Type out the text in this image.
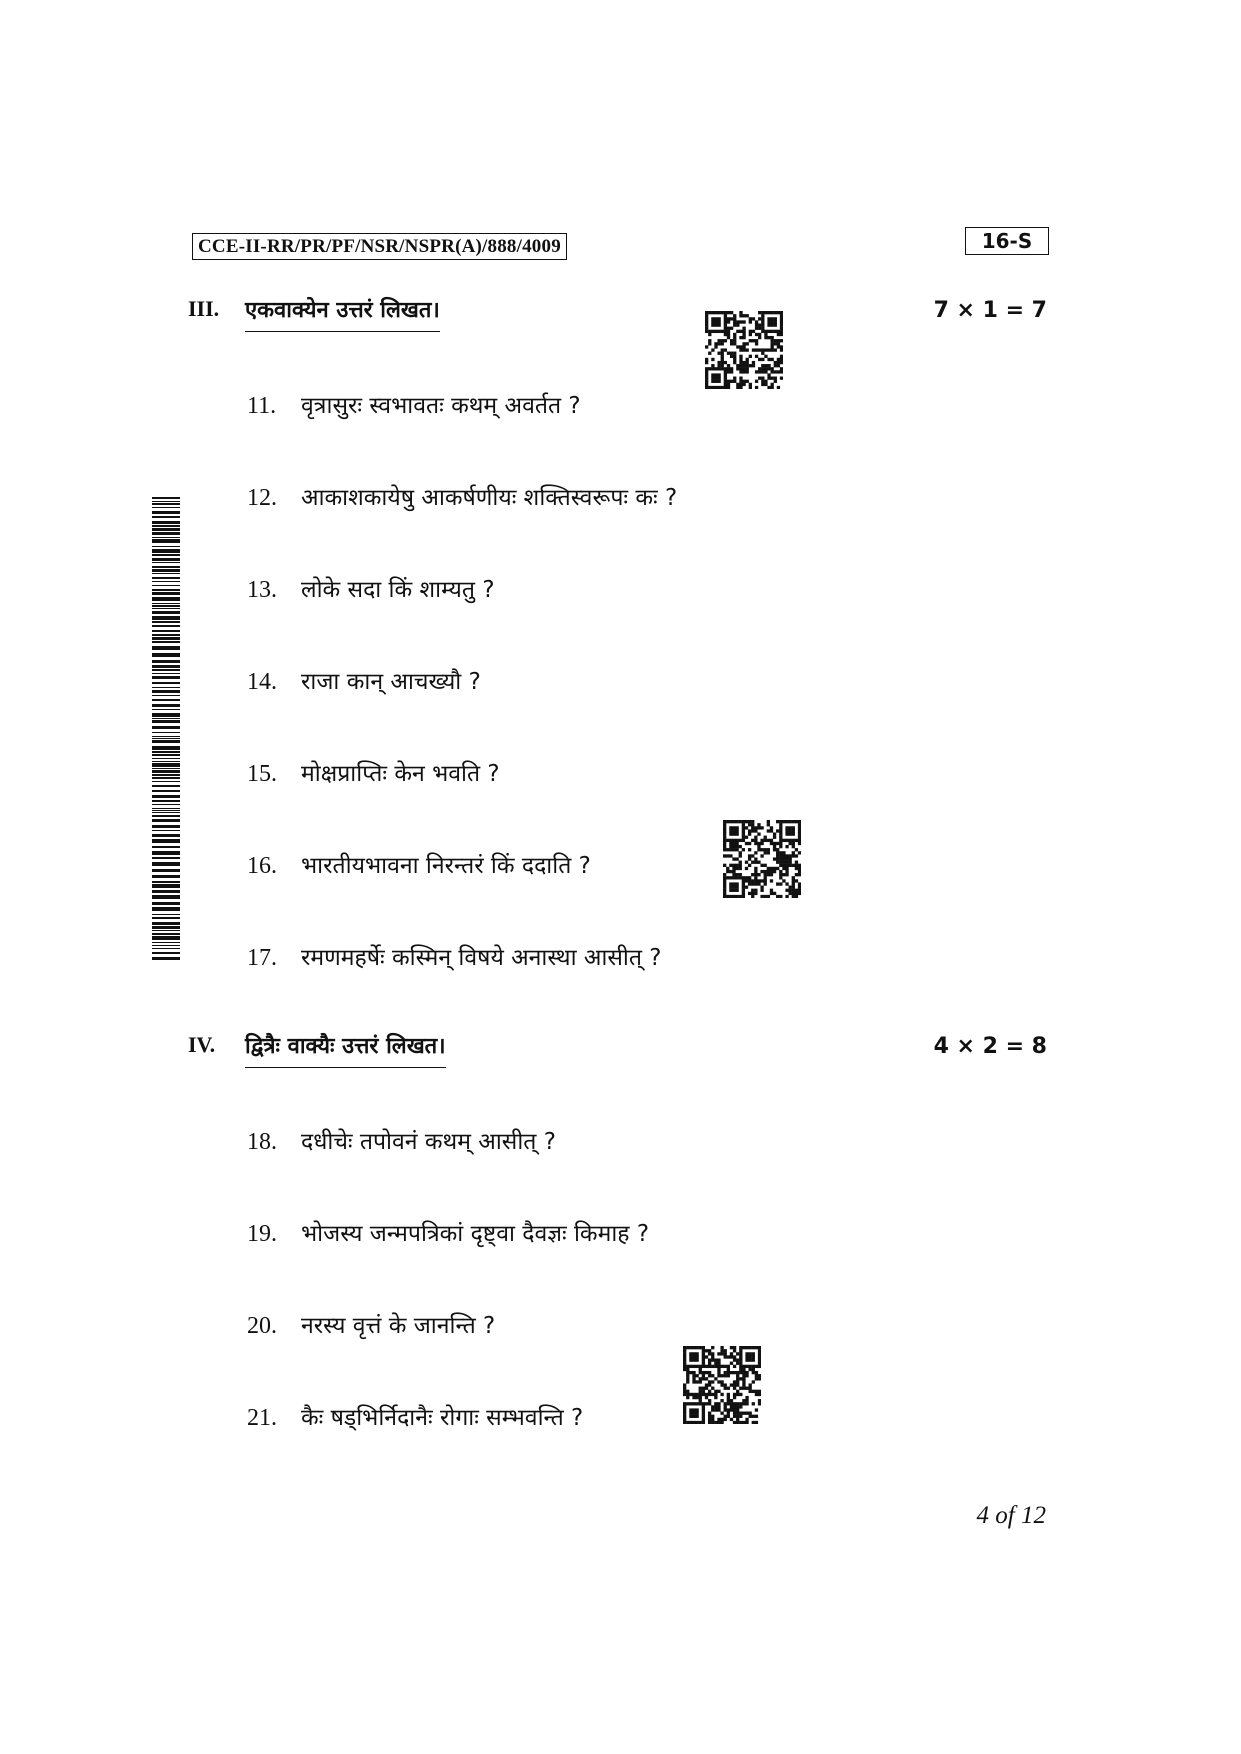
CCE-II-RR/PR/PF/NSR/NSPR(A)/888/4009	16-S
III. एकवाक्येन उत्तरं लिखत।	7 × 1 = 7
11. वृत्रासुरः स्वभावतः कथम् अवर्तत ?
12. आकाशकायेषु आकर्षणीयः शक्तिस्वरूपः कः ?
13. लोके सदा किं शाम्यतु ?
14. राजा कान् आचख्यौ ?
15. मोक्षप्राप्तिः केन भवति ?
16. भारतीयभावना निरन्तरं किं ददाति ?
17. रमणमहर्षेः कस्मिन् विषये अनास्था आसीत् ?
IV. द्वित्रैः वाक्यैः उत्तरं लिखत।	4 × 2 = 8
18. दधीचेः तपोवनं कथम् आसीत् ?
19. भोजस्य जन्मपत्रिकां दृष्ट्वा दैवज्ञः किमाह ?
20. नरस्य वृत्तं के जानन्ति ?
21. कैः षड्भिर्निदानैः रोगाः सम्भवन्ति ?
4 of 12
